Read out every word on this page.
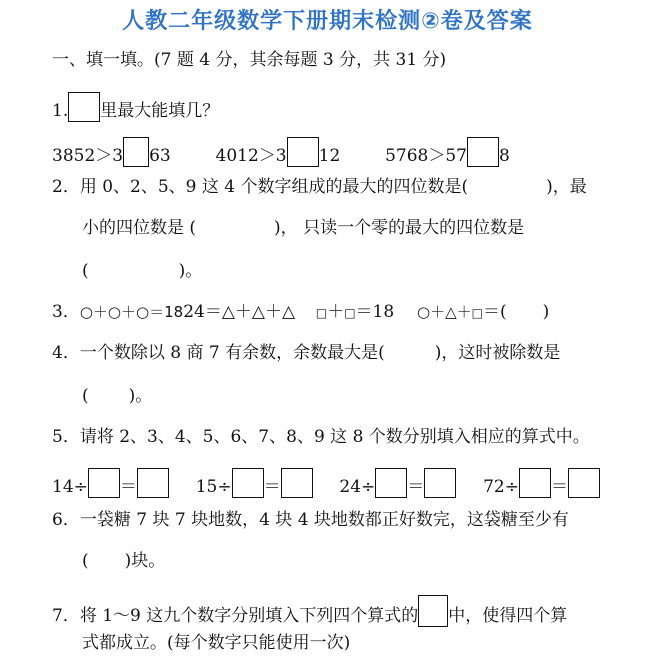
人教二年级数学下册期末检测②卷及答案
一、填一填。(7 题 4 分，其余每题 3 分，共 31 分)
1. 里最大能填几？
3852＞3 63	4012＞3 12	5768＞57 8
2．用 0、2、5、9 这 4 个数字组成的最大的四位数是(	)，最
小的四位数是 (	)， 只读一个零的最大的四位数是
(	)。
3．○＋○＋○＝1824＝△＋△＋△ □＋□＝18 ○＋△＋□＝( )
4．一个数除以 8 商 7 有余数，余数最大是(	)，这时被除数是
( )。
5．请将 2、3、4、5、6、7、8、9 这 8 个数分别填入相应的算式中。
14÷ ＝	15÷ ＝	24÷ ＝	72÷ ＝
6．一袋糖 7 块 7 块地数，4 块 4 块地数都正好数完，这袋糖至少有
( )块。
7．将 1～9 这九个数字分别填入下列四个算式的 中，使得四个算
式都成立。(每个数字只能使用一次)
